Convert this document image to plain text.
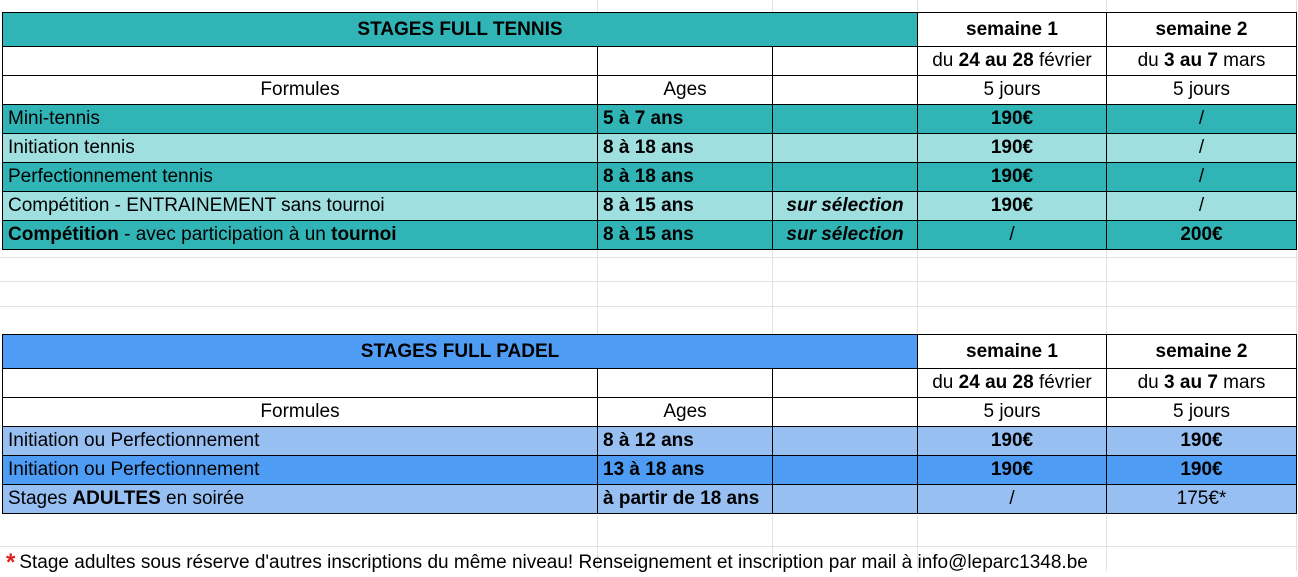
STAGES FULL TENNIS			semaine 1	semaine 2
			du 24 au 28 février	du 3 au 7 mars
Formules	Ages		5 jours	5 jours
Mini-tennis	5 à 7 ans		190€	/
Initiation tennis	8 à 18 ans		190€	/
Perfectionnement tennis	8 à 18 ans		190€	/
Compétition - ENTRAINEMENT sans tournoi	8 à 15 ans	sur sélection	190€	/
Compétition - avec participation à un tournoi	8 à 15 ans	sur sélection	/	200€
STAGES FULL PADEL			semaine 1	semaine 2
			du 24 au 28 février	du 3 au 7 mars
Formules	Ages		5 jours	5 jours
Initiation ou Perfectionnement	8 à 12 ans		190€	190€
Initiation ou Perfectionnement	13 à 18 ans		190€	190€
Stages ADULTES en soirée	à partir de 18 ans		/	175€*
* Stage adultes sous réserve d'autres inscriptions du même niveau! Renseignement et inscription par mail à info@leparc1348.be
